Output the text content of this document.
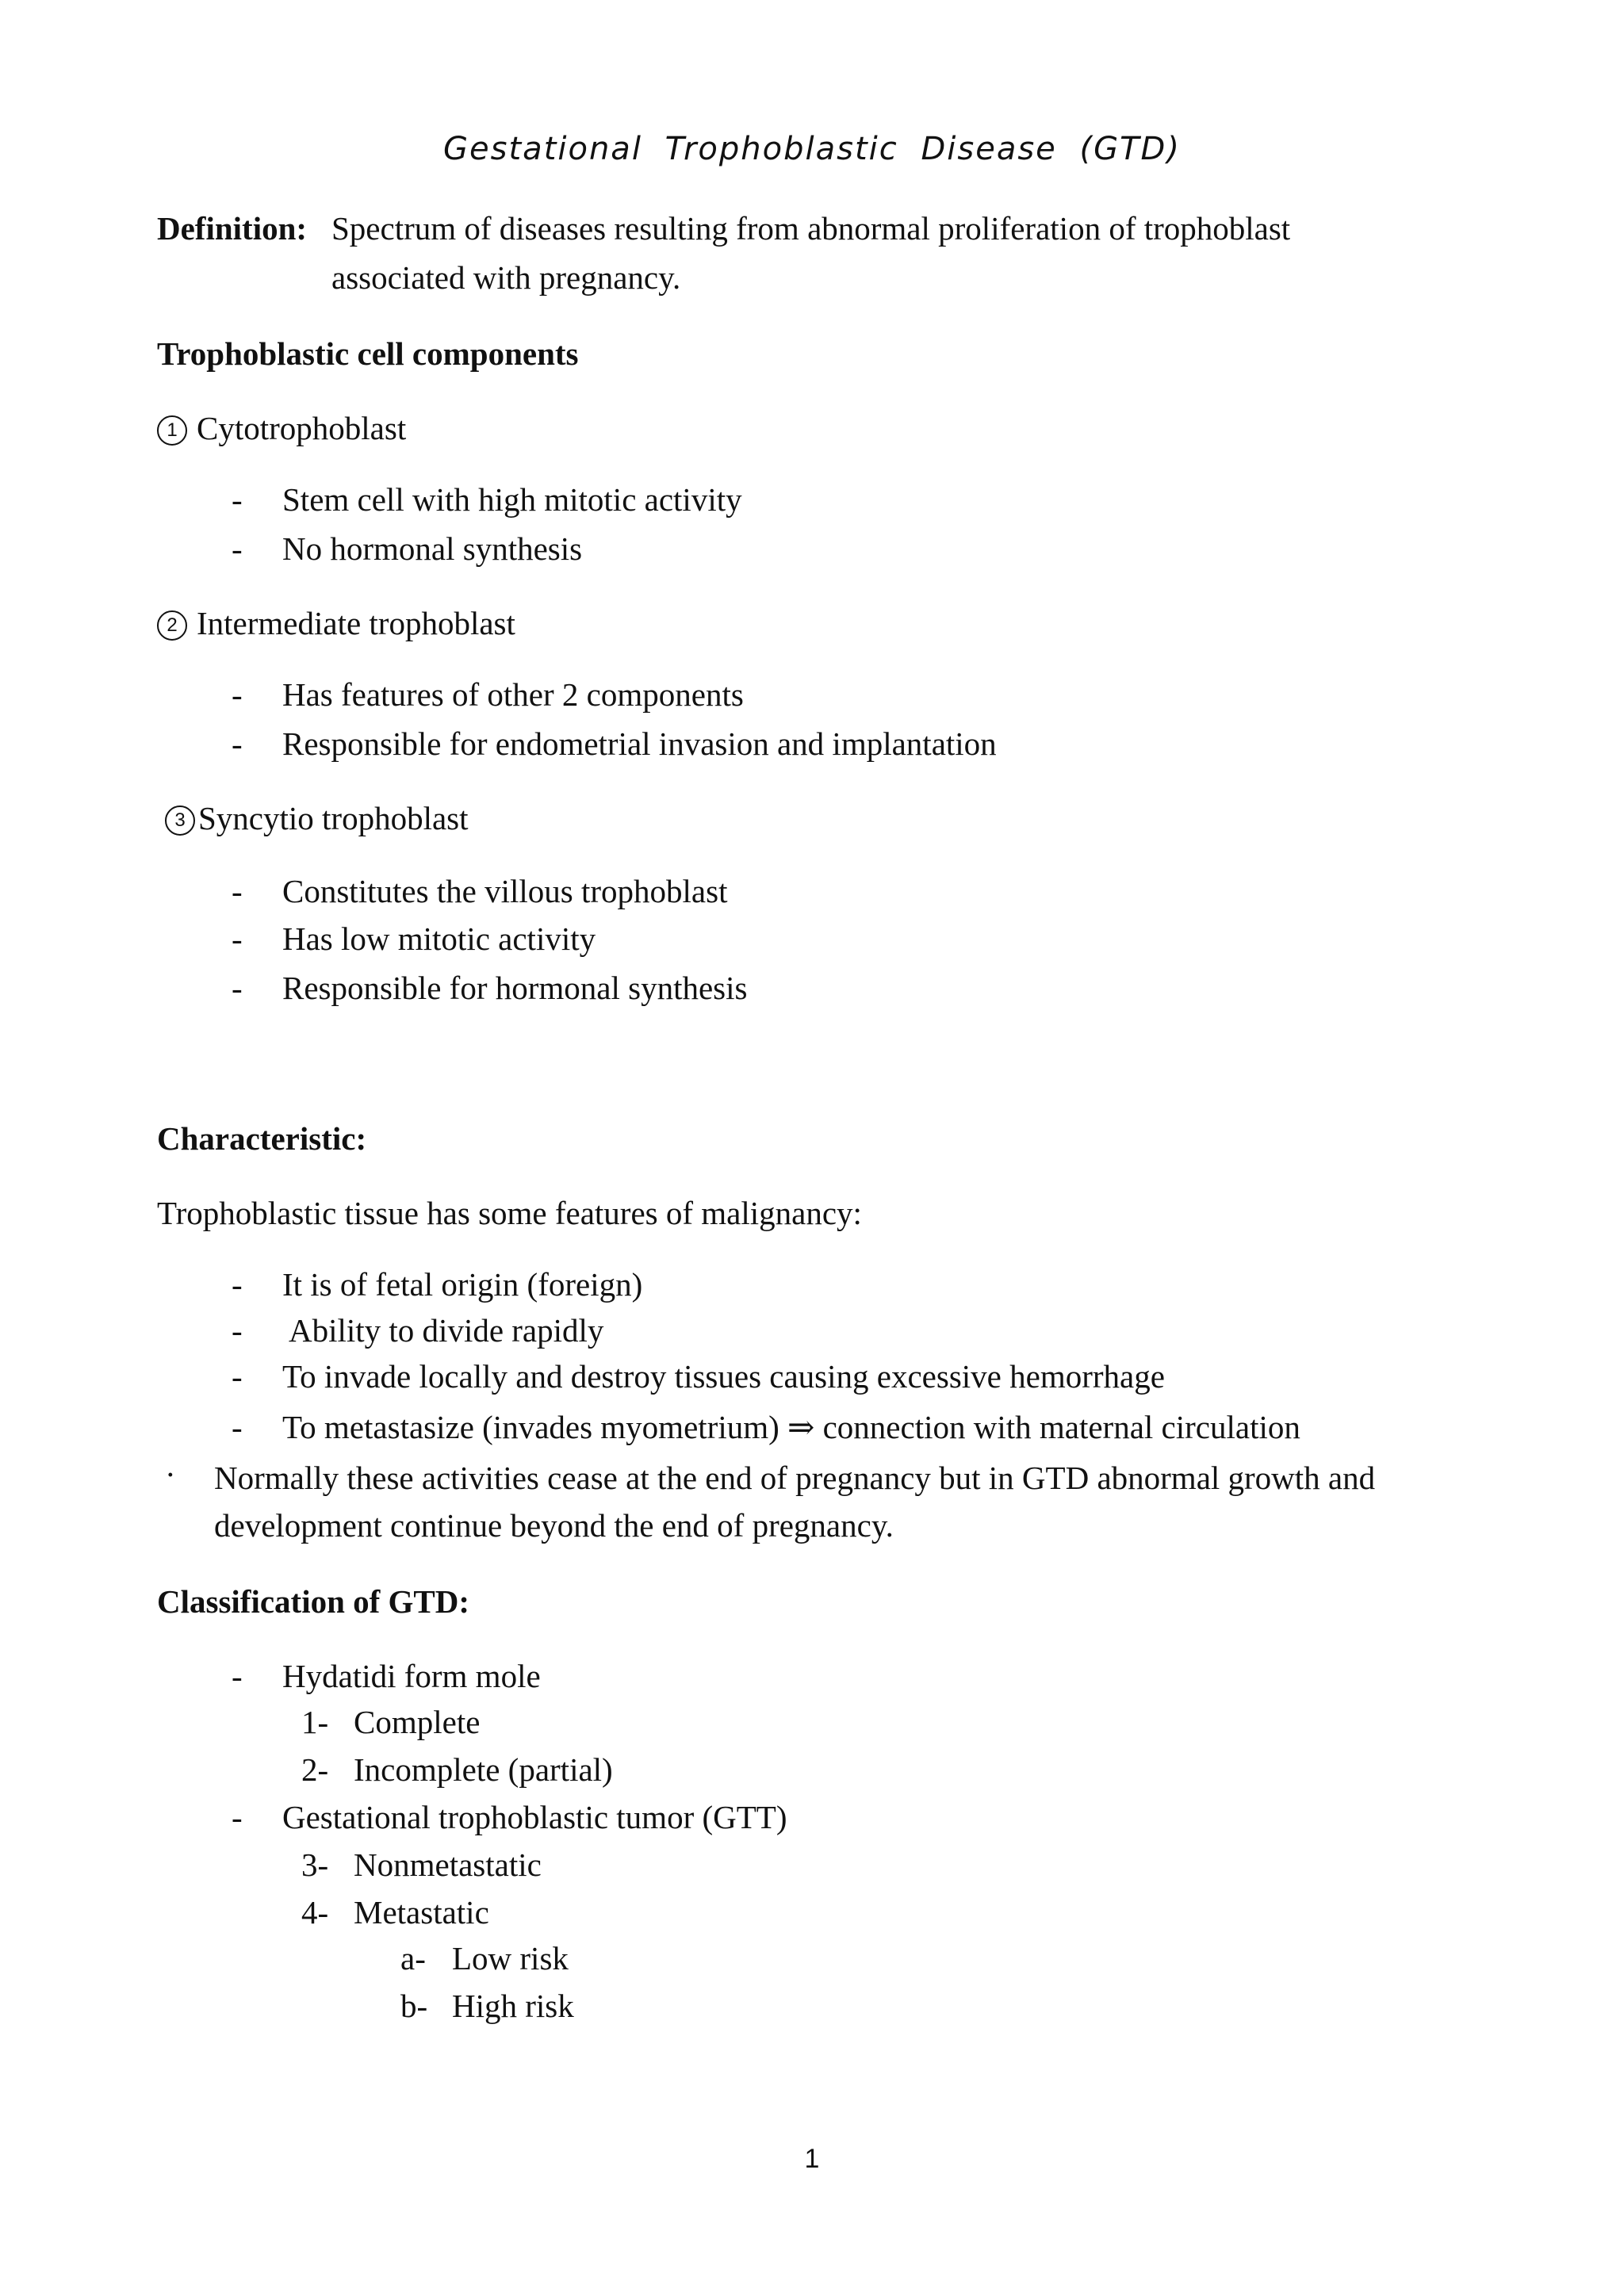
Gestational Trophoblastic Disease (GTD)
Definition: Spectrum of diseases resulting from abnormal proliferation of trophoblast
associated with pregnancy.
Trophoblastic cell components
1 Cytotrophoblast
- Stem cell with high mitotic activity
- No hormonal synthesis
2 Intermediate trophoblast
- Has features of other 2 components
- Responsible for endometrial invasion and implantation
3 Syncytio trophoblast
- Constitutes the villous trophoblast
- Has low mitotic activity
- Responsible for hormonal synthesis
Characteristic:
Trophoblastic tissue has some features of malignancy:
- It is of fetal origin (foreign)
- Ability to divide rapidly
- To invade locally and destroy tissues causing excessive hemorrhage
- To metastasize (invades myometrium) ⇒ connection with maternal circulation
· Normally these activities cease at the end of pregnancy but in GTD abnormal growth and
development continue beyond the end of pregnancy.
Classification of GTD:
- Hydatidi form mole
1- Complete
2- Incomplete (partial)
- Gestational trophoblastic tumor (GTT)
3- Nonmetastatic
4- Metastatic
a- Low risk
b- High risk
1
